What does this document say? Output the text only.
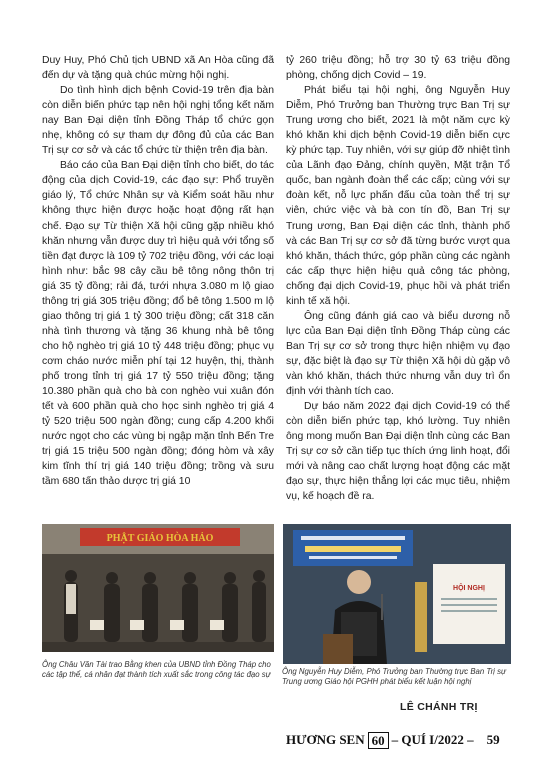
Duy Huy, Phó Chủ tịch UBND xã An Hòa cũng đã đến dự và tặng quà chúc mừng hội nghị.

Do tình hình dịch bệnh Covid-19 trên địa bàn còn diễn biến phức tạp nên hội nghị tổng kết năm nay Ban Đại diện tỉnh Đồng Tháp tổ chức gọn nhẹ, không có sự tham dự đông đủ của các Ban Trị sự cơ sở và các tổ chức từ thiện trên địa bàn.

Báo cáo của Ban Đại diện tỉnh cho biết, do tác động của dịch Covid-19, các đạo sự: Phổ truyền giáo lý, Tổ chức Nhân sự và Kiểm soát hầu như không thực hiện được hoặc hoạt động rất hạn chế. Đạo sự Từ thiện Xã hội cũng gặp nhiều khó khăn nhưng vẫn được duy trì hiệu quả với tổng số tiền đạt được là 109 tỷ 702 triệu đồng, với các loại hình như: bắc 98 cây cầu bê tông nông thôn trị giá 35 tỷ đồng; rải đá, tưới nhựa 3.080 m lộ giao thông trị giá 305 triệu đồng; đổ bê tông 1.500 m lộ giao thông trị giá 1 tỷ 300 triệu đồng; cất 318 căn nhà tình thương và tặng 36 khung nhà bê tông cho hộ nghèo trị giá 10 tỷ 448 triệu đồng; phục vụ cơm cháo nước miễn phí tại 12 huyện, thị, thành phố trong tỉnh trị giá 17 tỷ 550 triệu đồng; tặng 10.380 phần quà cho bà con nghèo vui xuân đón tết và 600 phần quà cho học sinh nghèo trị giá 4 tỷ 520 triệu 500 ngàn đồng; cung cấp 4.200 khối nước ngọt cho các vùng bị ngập mặn tỉnh Bến Tre trị giá 15 triệu 500 ngàn đồng; đóng hòm và xây kim tĩnh thí trị giá 140 triệu đồng; trồng và sưu tầm 680 tấn thảo dược trị giá 10

tỷ 260 triệu đồng; hỗ trợ 30 tỷ 63 triệu đồng phòng, chống dịch Covid – 19.

Phát biểu tại hội nghị, ông Nguyễn Huy Diễm, Phó Trưởng ban Thường trực Ban Trị sự Trung ương cho biết, 2021 là một năm cực kỳ khó khăn khi dịch bệnh Covid-19 diễn biến cực kỳ phức tạp. Tuy nhiên, với sự giúp đỡ nhiệt tình của Lãnh đạo Đảng, chính quyền, Mặt trận Tổ quốc, ban ngành đoàn thể các cấp; cùng với sự đoàn kết, nỗ lực phấn đấu của toàn thể trị sự viên, chức việc và bà con tín đồ, Ban Trị sự Trung ương, Ban Đại diện các tỉnh, thành phố và các Ban Trị sự cơ sở đã từng bước vượt qua khó khăn, thách thức, góp phần cùng các ngành các cấp thực hiện hiệu quả công tác phòng, chống đại dịch Covid-19, phục hồi và phát triển kinh tế xã hội.

Ông cũng đánh giá cao và biểu dương nỗ lực của Ban Đại diện tỉnh Đồng Tháp cùng các Ban Trị sự cơ sở trong thực hiện nhiệm vụ đạo sự, đặc biệt là đạo sự Từ thiện Xã hội dù gặp vô vàn khó khăn, thách thức nhưng vẫn duy trì ổn định với thành tích cao.

Dự báo năm 2022 đại dịch Covid-19 có thể còn diễn biến phức tạp, khó lường. Tuy nhiên ông mong muốn Ban Đại diện tỉnh cùng các Ban Trị sự cơ sở cần tiếp tục thích ứng linh hoạt, đổi mới và nâng cao chất lượng hoạt động các mặt đạo sự, thực hiện thắng lợi các mục tiêu, nhiệm vụ, kế hoạch đề ra.

PHẬT GIÁO HÒA HẢO
HỘI NGHỊ
Ông Châu Văn Tài trao Bằng khen của UBND tỉnh Đồng Tháp cho các tập thể, cá nhân đạt thành tích xuất sắc trong công tác đạo sự	Ông Nguyễn Huy Diễm, Phó Trưởng ban Thường trực Ban Trị sự Trung ương Giáo hội PGHH phát biểu kết luận hội nghị
LÊ CHÁNH TRỊ
HƯƠNG SEN 60 – QUÍ I/2022 – 59
